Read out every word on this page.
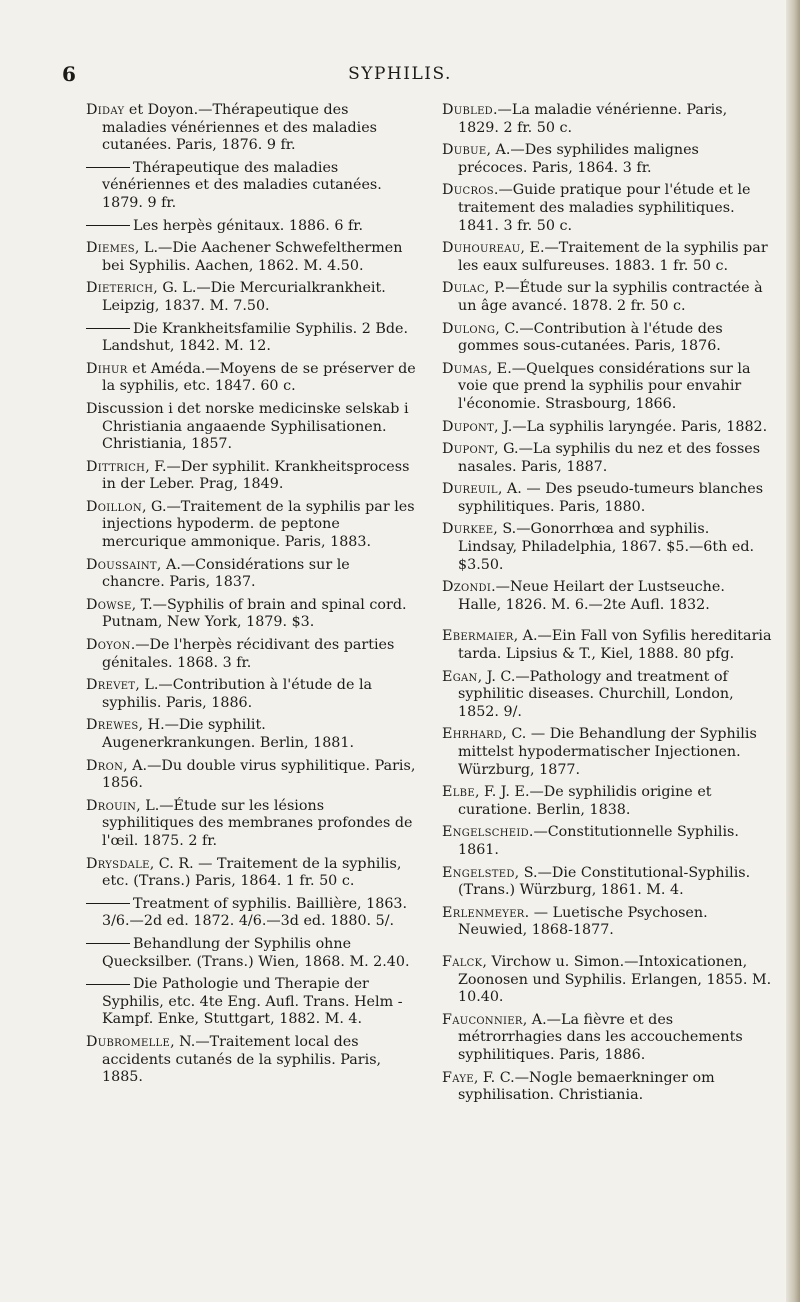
6	SYPHILIS.

Diday et Doyon.—Thérapeutique des maladies vénériennes et des maladies cutanées. Paris, 1876. 9 fr.

Thérapeutique des maladies vénériennes et des maladies cutanées. 1879. 9 fr.

Les herpès génitaux. 1886. 6 fr.

Diemes, L.—Die Aachener Schwefelthermen bei Syphilis. Aachen, 1862. M. 4.50.

Dieterich, G. L.—Die Mercurialkrankheit. Leipzig, 1837. M. 7.50.

Die Krankheitsfamilie Syphilis. 2 Bde. Landshut, 1842. M. 12.

Dihur et Améda.—Moyens de se préserver de la syphilis, etc. 1847. 60 c.

Discussion i det norske medicinske selskab i Christiania angaaende Syphilisationen. Christiania, 1857.

Dittrich, F.—Der syphilit. Krankheitsprocess in der Leber. Prag, 1849.

Doillon, G.—Traitement de la syphilis par les injections hypoderm. de peptone mercurique ammonique. Paris, 1883.

Doussaint, A.—Considérations sur le chancre. Paris, 1837.

Dowse, T.—Syphilis of brain and spinal cord. Putnam, New York, 1879. $3.

Doyon.—De l'herpès récidivant des parties génitales. 1868. 3 fr.

Drevet, L.—Contribution à l'étude de la syphilis. Paris, 1886.

Drewes, H.—Die syphilit. Augenerkrankungen. Berlin, 1881.

Dron, A.—Du double virus syphilitique. Paris, 1856.

Drouin, L.—Étude sur les lésions syphilitiques des membranes profondes de l'œil. 1875. 2 fr.

Drysdale, C. R. — Traitement de la syphilis, etc. (Trans.) Paris, 1864. 1 fr. 50 c.

Treatment of syphilis. Baillière, 1863. 3/6.—2d ed. 1872. 4/6.—3d ed. 1880. 5/.

Behandlung der Syphilis ohne Quecksilber. (Trans.) Wien, 1868. M. 2.40.

Die Pathologie und Therapie der Syphilis, etc. 4te Eng. Aufl. Trans. Helm - Kampf. Enke, Stuttgart, 1882. M. 4.

Dubromelle, N.—Traitement local des accidents cutanés de la syphilis. Paris, 1885.

Dubled.—La maladie vénérienne. Paris, 1829. 2 fr. 50 c.

Dubue, A.—Des syphilides malignes précoces. Paris, 1864. 3 fr.

Ducros.—Guide pratique pour l'étude et le traitement des maladies syphilitiques. 1841. 3 fr. 50 c.

Duhoureau, E.—Traitement de la syphilis par les eaux sulfureuses. 1883. 1 fr. 50 c.

Dulac, P.—Étude sur la syphilis contractée à un âge avancé. 1878. 2 fr. 50 c.

Dulong, C.—Contribution à l'étude des gommes sous-cutanées. Paris, 1876.

Dumas, E.—Quelques considérations sur la voie que prend la syphilis pour envahir l'économie. Strasbourg, 1866.

Dupont, J.—La syphilis laryngée. Paris, 1882.

Dupont, G.—La syphilis du nez et des fosses nasales. Paris, 1887.

Dureuil, A. — Des pseudo-tumeurs blanches syphilitiques. Paris, 1880.

Durkee, S.—Gonorrhœa and syphilis. Lindsay, Philadelphia, 1867. $5.—6th ed. $3.50.

Dzondi.—Neue Heilart der Lustseuche. Halle, 1826. M. 6.—2te Aufl. 1832.

Ebermaier, A.—Ein Fall von Syfilis hereditaria tarda. Lipsius & T., Kiel, 1888. 80 pfg.

Egan, J. C.—Pathology and treatment of syphilitic diseases. Churchill, London, 1852. 9/.

Ehrhard, C. — Die Behandlung der Syphilis mittelst hypodermatischer Injectionen. Würzburg, 1877.

Elbe, F. J. E.—De syphilidis origine et curatione. Berlin, 1838.

Engelscheid.—Constitutionnelle Syphilis. 1861.

Engelsted, S.—Die Constitutional-Syphilis. (Trans.) Würzburg, 1861. M. 4.

Erlenmeyer. — Luetische Psychosen. Neuwied, 1868-1877.

Falck, Virchow u. Simon.—Intoxicationen, Zoonosen und Syphilis. Erlangen, 1855. M. 10.40.

Fauconnier, A.—La fièvre et des métrorrhagies dans les accouchements syphilitiques. Paris, 1886.

Faye, F. C.—Nogle bemaerkninger om syphilisation. Christiania.
